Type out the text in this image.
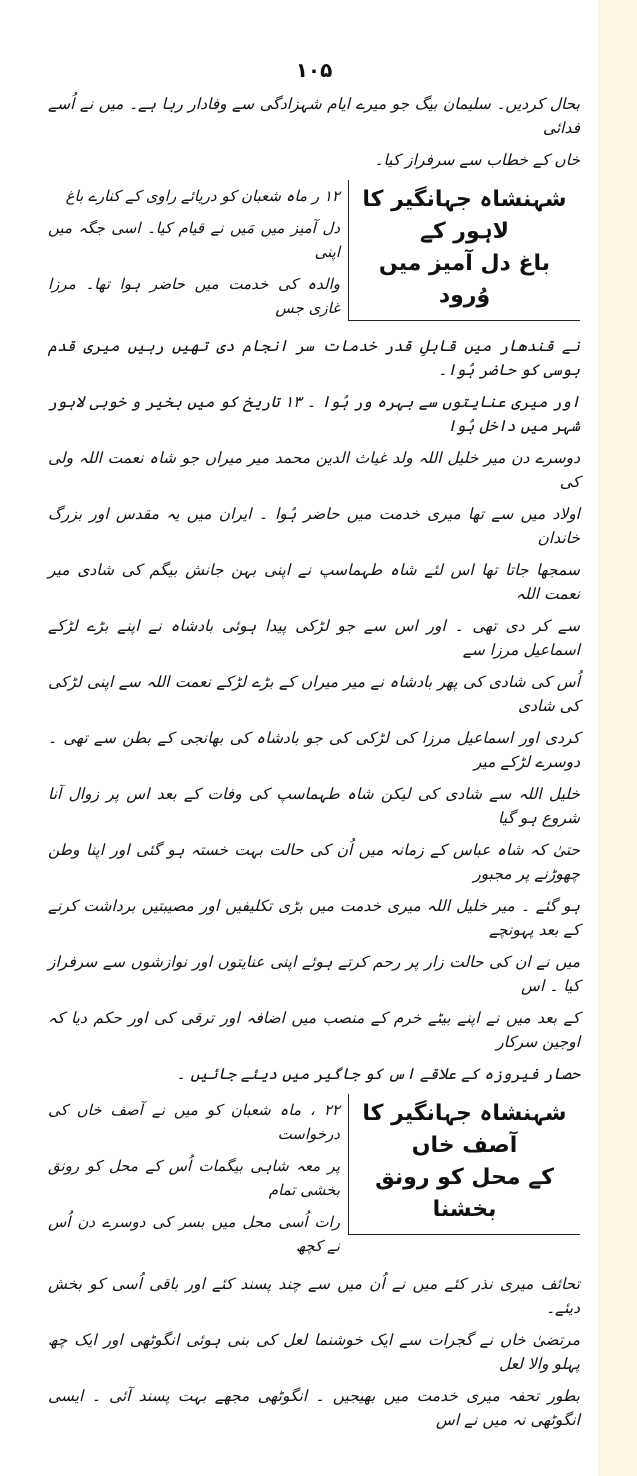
۱۰۵
بحال کردیں۔ سلیمان بیگ جو میرے ایام شہزادگی سے وفادار رہا ہے۔ میں نے اُسے فدائی
خاں کے خطاب سے سرفراز کیا۔
شہنشاہ جہانگیر کا لاہور کے
باغ دل آمیز میں وُرود
۱۲ ر ماہ شعبان کو دریائے راوی کے کنارے باغ
دل آمیز میں مَیں نے قیام کیا۔ اسی جگہ میں اپنی
والدہ کی خدمت میں حاضر ہوا تھا۔ مرزا غازی جس
نے قندھار میں قابلِ قدر خدمات سر انجام دی تھیں رہیں میری قدم بوسی کو حاضر ہُوا۔
اور میری عنایتوں سے بہرہ ور ہُوا ۔ ۱۳ تاریخ کو میں بخیر و خوبی لاہور شہر میں داخل ہُوا
دوسرے دن میر خلیل اللہ ولد غیاث الدین محمد میر میراں جو شاہ نعمت اللہ ولی کی
اولاد میں سے تھا میری خدمت میں حاضر ہُوا ۔ ایران میں یہ مقدس اور بزرگ خاندان
سمجھا جاتا تھا اس لئے شاہ طہماسپ نے اپنی بہن جانش بیگم کی شادی میر نعمت اللہ
سے کر دی تھی ۔ اور اس سے جو لڑکی پیدا ہوئی بادشاہ نے اپنے بڑے لڑکے اسماعیل مرزا سے
اُس کی شادی کی پھر بادشاہ نے میر میراں کے بڑے لڑکے نعمت اللہ سے اپنی لڑکی کی شادی
کردی اور اسماعیل مرزا کی لڑکی کی جو بادشاہ کی بھانجی کے بطن سے تھی ۔ دوسرے لڑکے میر
خلیل اللہ سے شادی کی لیکن شاہ طہماسپ کی وفات کے بعد اس پر زوال آنا شروع ہو گیا
حتیٰ کہ شاہ عباس کے زمانہ میں اُن کی حالت بہت خستہ ہو گئی اور اپنا وطن چھوڑنے پر مجبور
ہو گئے ۔ میر خلیل اللہ میری خدمت میں بڑی تکلیفیں اور مصیبتیں برداشت کرنے کے بعد پہونچے
میں نے ان کی حالت زار پر رحم کرتے ہوئے اپنی عنایتوں اور نوازشوں سے سرفراز کیا ۔ اس
کے بعد میں نے اپنے بیٹے خرم کے منصب میں اضافہ اور ترقی کی اور حکم دیا کہ اوجین سرکار
حصار فیروزہ کے علاقے اس کو جاگیر میں دیئے جائیں ۔
شہنشاہ جہانگیر کا آصف خاں
کے محل کو رونق بخشنا
۲۲ ، ماہ شعبان کو میں نے آصف خاں کی درخواست
پر معہ شاہی بیگمات اُس کے محل کو رونق بخشی تمام
رات اُسی محل میں بسر کی دوسرے دن اُس نے کچھ
تحائف میری نذر کئے میں نے اُن میں سے چند پسند کئے اور باقی اُسی کو بخش دیئے۔
مرتضیٰ خاں نے گجرات سے ایک خوشنما لعل کی بنی ہوئی انگوٹھی اور ایک چھ پہلو والا لعل
بطور تحفہ میری خدمت میں بھیجیں ۔ انگوٹھی مجھے بہت پسند آئی ۔ ایسی انگوٹھی نہ میں نے اس
